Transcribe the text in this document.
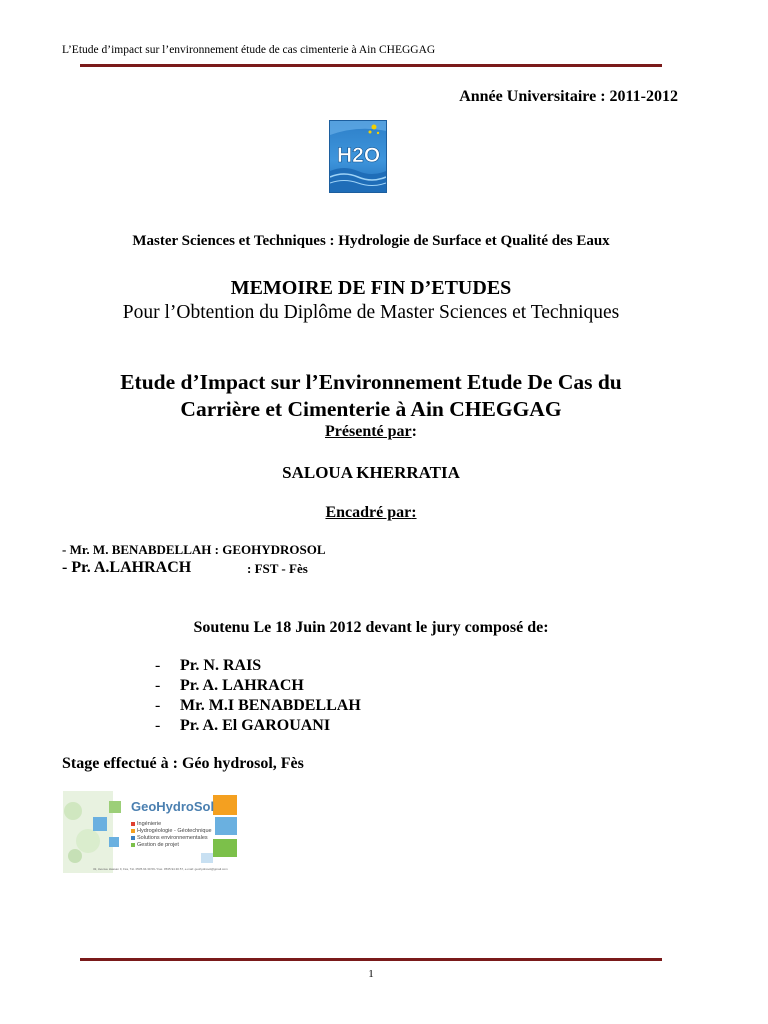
L’Etude d’impact sur l’environnement étude de cas cimenterie à Ain CHEGGAG
Année Universitaire : 2011-2012
H2O
Master Sciences et Techniques : Hydrologie de Surface et Qualité des Eaux
MEMOIRE DE FIN D’ETUDES
Pour l’Obtention du Diplôme de Master Sciences et Techniques
Etude d’Impact sur l’Environnement Etude De Cas du
Carrière et Cimenterie à Ain CHEGGAG
Présenté par:
SALOUA KHERRATIA
Encadré par:
- Mr. M. BENABDELLAH : GEOHYDROSOL
- Pr. A.LAHRACH	: FST - Fès
Soutenu Le 18 Juin 2012 devant le jury composé de:
- Pr. N. RAIS
- Pr. A. LAHRACH
- Mr. M.I BENABDELLAH
- Pr. A. El GAROUANI
Stage effectué à : Géo hydrosol, Fès
GeoHydroSol
Ingénierie
Hydrogéologie - Géotechnique
Solutions environnementales
Gestion de projet
32, Avenue Hassan II, Fès, Tél. 0535.94.30.59 / Fax. 0535.94.30.57, e-mail: geohydrosol@gmail.com
1
